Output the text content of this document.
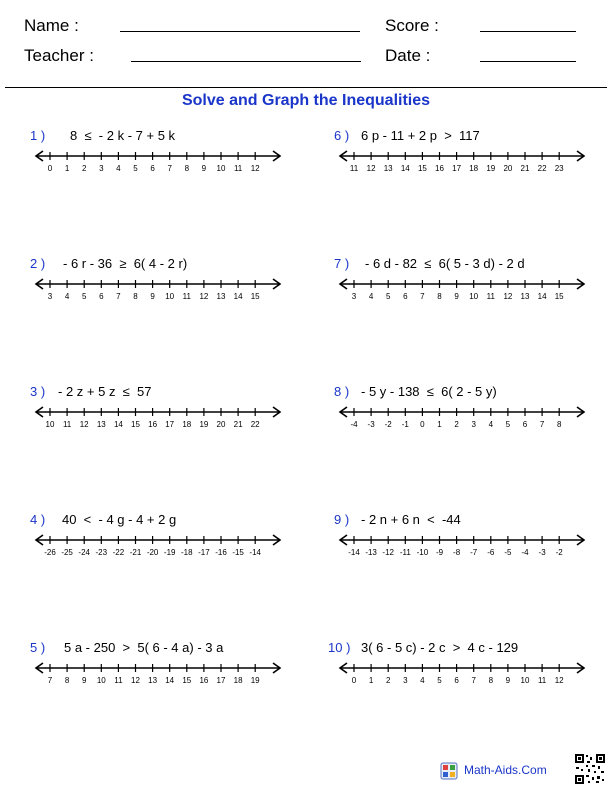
Name :	Score :
Teacher :	Date :
Solve and Graph the Inequalities
1 ) 8  ≤  - 2 k - 7 + 5 k
0 1 2 3 4 5 6 7 8 9 10 11 12
2 ) - 6 r - 36  ≥  6( 4 - 2 r)
3 4 5 6 7 8 9 10 11 12 13 14 15
3 ) - 2 z + 5 z  ≤  57
10 11 12 13 14 15 16 17 18 19 20 21 22
4 ) 40  <  - 4 g - 4 + 2 g
-26 -25 -24 -23 -22 -21 -20 -19 -18 -17 -16 -15 -14
5 ) 5 a - 250  >  5( 6 - 4 a) - 3 a
7 8 9 10 11 12 13 14 15 16 17 18 19
6 ) 6 p - 11 + 2 p  >  117
11 12 13 14 15 16 17 18 19 20 21 22 23
7 ) - 6 d - 82  ≤  6( 5 - 3 d) - 2 d
3 4 5 6 7 8 9 10 11 12 13 14 15
8 ) - 5 y - 138  ≤  6( 2 - 5 y)
-4 -3 -2 -1 0 1 2 3 4 5 6 7 8
9 ) - 2 n + 6 n  <  -44
-14 -13 -12 -11 -10 -9 -8 -7 -6 -5 -4 -3 -2
10 ) 3( 6 - 5 c) - 2 c  >  4 c - 129
0 1 2 3 4 5 6 7 8 9 10 11 12
Math-Aids.Com
